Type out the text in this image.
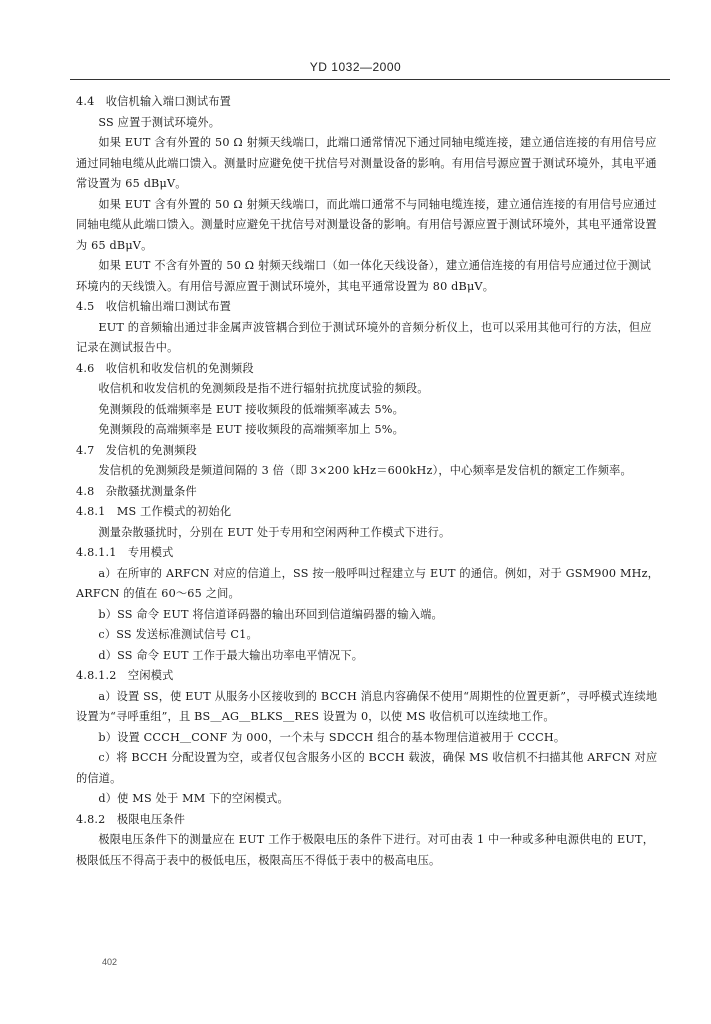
YD 1032—2000

4.4　收信机输入端口测试布置

SS 应置于测试环境外。

如果 EUT 含有外置的 50 Ω 射频天线端口，此端口通常情况下通过同轴电缆连接，建立通信连接的有用信号应通过同轴电缆从此端口馈入。测量时应避免使干扰信号对测量设备的影响。有用信号源应置于测试环境外，其电平通常设置为 65 dBμV。

如果 EUT 含有外置的 50 Ω 射频天线端口，而此端口通常不与同轴电缆连接，建立通信连接的有用信号应通过同轴电缆从此端口馈入。测量时应避免干扰信号对测量设备的影响。有用信号源应置于测试环境外，其电平通常设置为 65 dBμV。

如果 EUT 不含有外置的 50 Ω 射频天线端口（如一体化天线设备），建立通信连接的有用信号应通过位于测试环境内的天线馈入。有用信号源应置于测试环境外，其电平通常设置为 80 dBμV。

4.5　收信机输出端口测试布置

EUT 的音频输出通过非金属声波管耦合到位于测试环境外的音频分析仪上，也可以采用其他可行的方法，但应记录在测试报告中。

4.6　收信机和收发信机的免测频段

收信机和收发信机的免测频段是指不进行辐射抗扰度试验的频段。

免测频段的低端频率是 EUT 接收频段的低端频率减去 5%。

免测频段的高端频率是 EUT 接收频段的高端频率加上 5%。

4.7　发信机的免测频段

发信机的免测频段是频道间隔的 3 倍（即 3×200 kHz＝600kHz），中心频率是发信机的额定工作频率。

4.8　杂散骚扰测量条件

4.8.1　MS 工作模式的初始化

测量杂散骚扰时，分别在 EUT 处于专用和空闲两种工作模式下进行。

4.8.1.1　专用模式

a）在所审的 ARFCN 对应的信道上，SS 按一般呼叫过程建立与 EUT 的通信。例如，对于 GSM900 MHz，ARFCN 的值在 60～65 之间。

b）SS 命令 EUT 将信道译码器的输出环回到信道编码器的输入端。

c）SS 发送标准测试信号 C1。

d）SS 命令 EUT 工作于最大输出功率电平情况下。

4.8.1.2　空闲模式

a）设置 SS，使 EUT 从服务小区接收到的 BCCH 消息内容确保不使用“周期性的位置更新”，寻呼模式连续地设置为“寻呼重组”，且 BS＿AG＿BLKS＿RES 设置为 0，以使 MS 收信机可以连续地工作。

b）设置 CCCH＿CONF 为 000，一个未与 SDCCH 组合的基本物理信道被用于 CCCH。

c）将 BCCH 分配设置为空，或者仅包含服务小区的 BCCH 载波，确保 MS 收信机不扫描其他 ARFCN 对应的信道。

d）使 MS 处于 MM 下的空闲模式。

4.8.2　极限电压条件

极限电压条件下的测量应在 EUT 工作于极限电压的条件下进行。对可由表 1 中一种或多种电源供电的 EUT，极限低压不得高于表中的极低电压，极限高压不得低于表中的极高电压。

402
